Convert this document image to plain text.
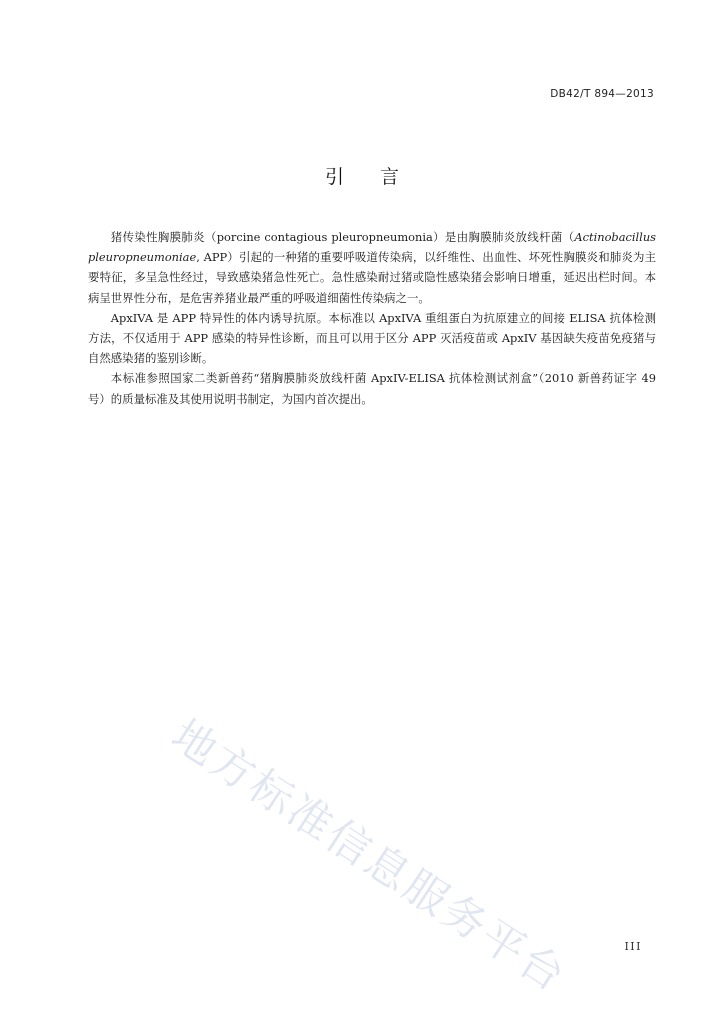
DB42/T 894—2013
引言

猪传染性胸膜肺炎（porcine contagious pleuropneumonia）是由胸膜肺炎放线杆菌（Actinobacillus pleuropneumoniae, APP）引起的一种猪的重要呼吸道传染病，以纤维性、出血性、坏死性胸膜炎和肺炎为主要特征，多呈急性经过，导致感染猪急性死亡。急性感染耐过猪或隐性感染猪会影响日增重，延迟出栏时间。本病呈世界性分布，是危害养猪业最严重的呼吸道细菌性传染病之一。

ApxIVA 是 APP 特异性的体内诱导抗原。本标准以 ApxIVA 重组蛋白为抗原建立的间接 ELISA 抗体检测方法，不仅适用于 APP 感染的特异性诊断，而且可以用于区分 APP 灭活疫苗或 ApxIV 基因缺失疫苗免疫猪与自然感染猪的鉴别诊断。

本标准参照国家二类新兽药“猪胸膜肺炎放线杆菌 ApxIV-ELISA 抗体检测试剂盒”（2010 新兽药证字 49 号）的质量标准及其使用说明书制定，为国内首次提出。

地方标准信息服务平台	III
